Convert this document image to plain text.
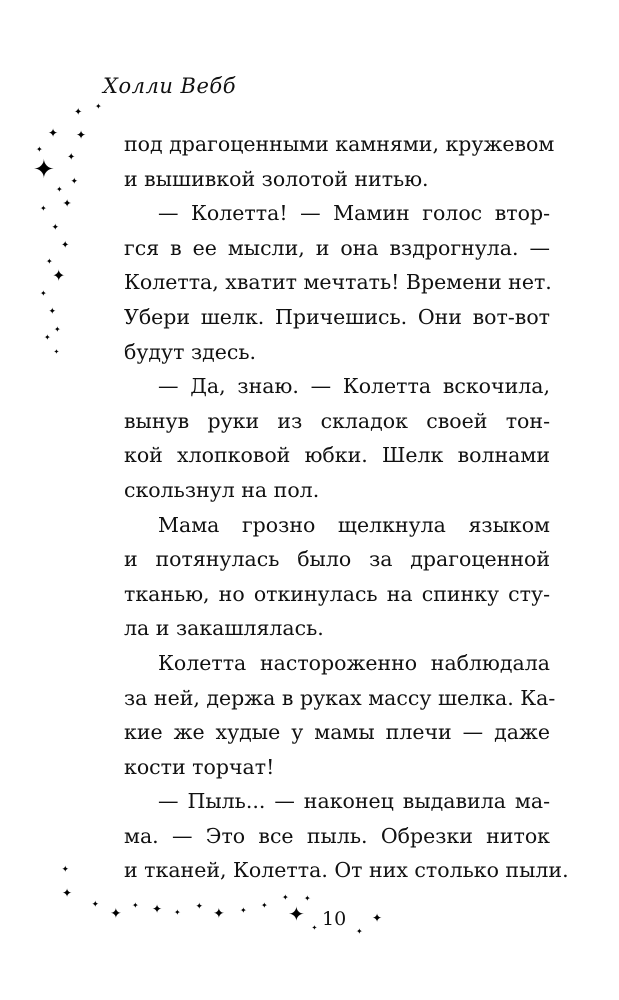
Холли Вебб
под драгоценными камнями, кружевом
и вышивкой золотой нитью.
— Колетта! — Мамин голос втор-
гся в ее мысли, и она вздрогнула. —
Колетта, хватит мечтать! Времени нет.
Убери шелк. Причешись. Они вот-вот
будут здесь.
— Да, знаю. — Колетта вскочила,
вынув руки из складок своей тон-
кой хлопковой юбки. Шелк волнами
скользнул на пол.
Мама грозно щелкнула языком
и потянулась было за драгоценной
тканью, но откинулась на спинку сту-
ла и закашлялась.
Колетта настороженно наблюдала
за ней, держа в руках массу шелка. Ка-
кие же худые у мамы плечи — даже
кости торчат!
— Пыль... — наконец выдавила ма-
ма. — Это все пыль. Обрезки ниток
и тканей, Колетта. От них столько пыли.
10
✦
✦
✦ ✦
✦
✦
✦ ✦
✦
✦
✦
✦
✦
✦
✦
✦
✦
✦
✦
✦
✦
✦
✦
✦
✦ ✦ ✦
✦ ✦ ✦
✦
✦
✦
✦
✦
✦
✦
